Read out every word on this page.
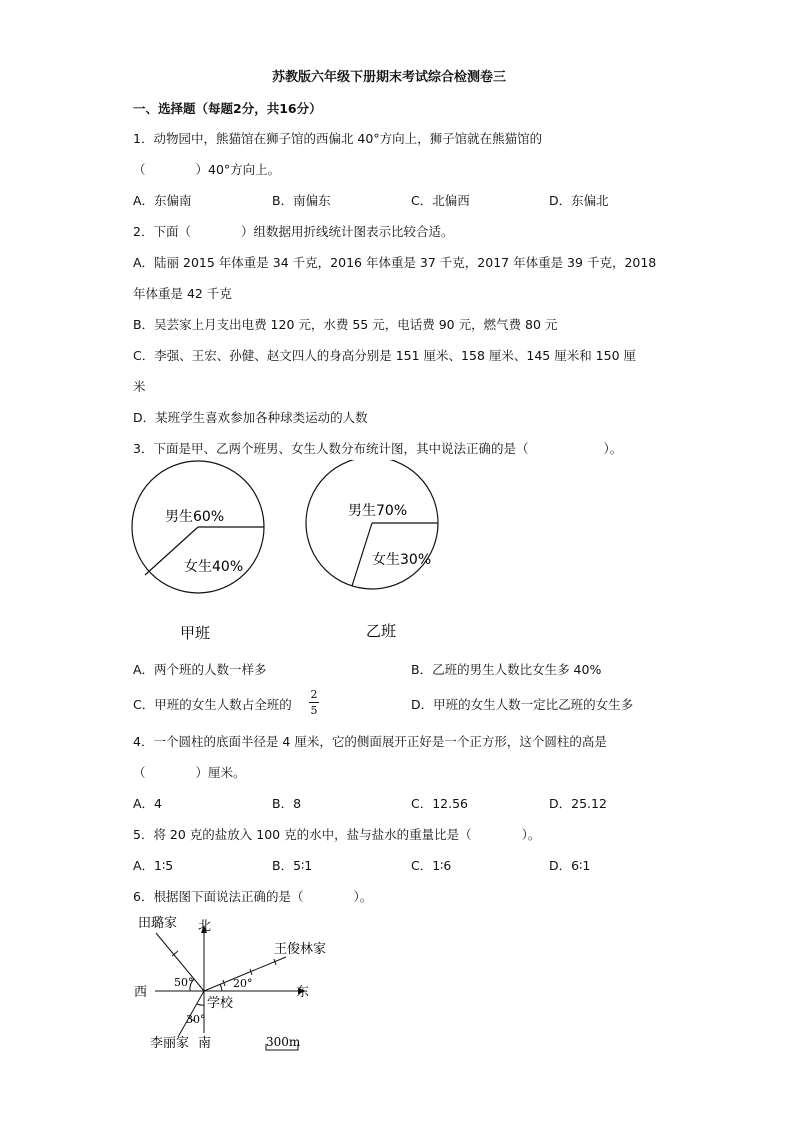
苏教版六年级下册期末考试综合检测卷三
一、选择题（每题2分，共16分）
1．动物园中，熊猫馆在狮子馆的西偏北 40°方向上，狮子馆就在熊猫馆的
（　　　　）40°方向上。
A．东偏南	B．南偏东	C．北偏西	D．东偏北
2．下面（　　　　）组数据用折线统计图表示比较合适。
A．陆丽 2015 年体重是 34 千克，2016 年体重是 37 千克，2017 年体重是 39 千克，2018
年体重是 42 千克
B．吴芸家上月支出电费 120 元，水费 55 元，电话费 90 元，燃气费 80 元
C．李强、王宏、孙健、赵文四人的身高分别是 151 厘米、158 厘米、145 厘米和 150 厘
米
D．某班学生喜欢参加各种球类运动的人数
3．下面是甲、乙两个班男、女生人数分布统计图，其中说法正确的是（　　　　　　）。
男生60%
女生40%
甲班
男生70%
女生30%
乙班
A．两个班的人数一样多	B．乙班的男生人数比女生多 40%
C．甲班的女生人数占全班的
2
5	D．甲班的女生人数一定比乙班的女生多
4．一个圆柱的底面半径是 4 厘米，它的侧面展开正好是一个正方形，这个圆柱的高是
（　　　　）厘米。
A．4	B．8	C．12.56	D．25.12
5．将 20 克的盐放入 100 克的水中，盐与盐水的重量比是（　　　　）。
A．1∶5	B．5∶1	C．1∶6	D．6∶1
6．根据图下面说法正确的是（　　　　）。
田璐家 北
王俊林家
西	东
50°	20°
学校
30°
李丽家 南	300m
